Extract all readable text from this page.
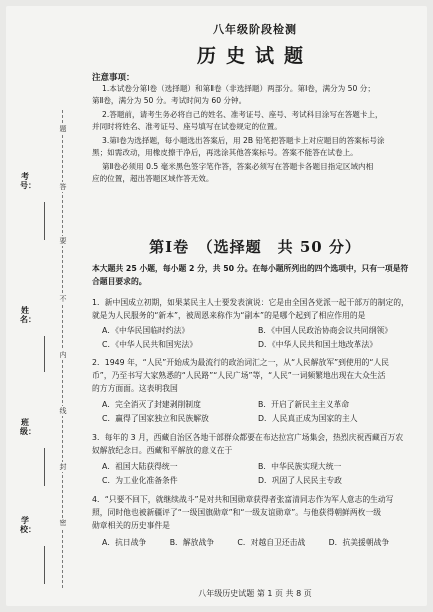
考号：
姓名：
班级：
学校：
题
答
要
不
内
线
封
密
八年级阶段检测
历史试题
注意事项：
1.本试卷分第Ⅰ卷（选择题）和第Ⅱ卷（非选择题）两部分。第Ⅰ卷，满分为 50 分；
第Ⅱ卷，满分为 50 分。考试时间为 60 分钟。
2.答题前，请考生务必将自己的姓名、准考证号、座号、考试科目涂写在答题卡上，
并同时将姓名、准考证号、座号填写在试卷规定的位置。
3.第Ⅰ卷为选择题，每小题选出答案后，用 2B 铅笔把答题卡上对应题目的答案标号涂
黑；如需改动，用橡皮擦干净后，再选涂其他答案标号。答案不能答在试卷上。
第Ⅱ卷必须用 0.5 毫米黑色签字笔作答，答案必须写在答题卡各题目指定区域内相
应的位置，超出答题区域作答无效。
第Ⅰ卷　（选择题　共 50 分）
本大题共 25 小题，每小题 2 分，共 50 分。在每小题所列出的四个选项中，只有一项是符
合题目要求的。
1．新中国成立初期，如果某民主人士要发表演说：它是由全国各党派一起干部万的制定的，
就是为人民服务的“新本”，被周恩来称作为“副本”的是哪个起到了相应作用的是
A．《中华民国临时约法》	B．《中国人民政治协商会议共同纲领》
C．《中华人民共和国宪法》	D．《中华人民共和国土地改革法》
2．1949 年，“人民”开始成为最流行的政治词汇之一，从“人民解放军”到使用的“人民
币”，乃至书写大家熟悉的“人民路”“人民广场”等，“人民”一词频繁地出现在大众生活
的方方面面。这表明我国
A．完全消灭了封建剥削制度	B．开启了新民主主义革命
C．赢得了国家独立和民族解放	D．人民真正成为国家的主人
3．每年的 3 月，西藏自治区各地干部群众都要在布达拉宫广场集会，热烈庆祝西藏百万农
奴解放纪念日。西藏和平解放的意义在于
A．祖国大陆获得统一	B．中华民族实现大统一
C．为工业化准备条件	D．巩固了人民民主专政
4．“只要不回下，就继续战斗”是对共和国勋章获得者张富清同志作为军人意志的生动写
照，同时他也被新疆评了“一级国旗勋章”和“一级友谊勋章”。与他获得朝鲜两枚一级
勋章相关的历史事件是
A．抗日战争　　　B．解放战争　　　C．对越自卫还击战　　　D．抗美援朝战争
八年级历史试题 第 1 页 共 8 页
